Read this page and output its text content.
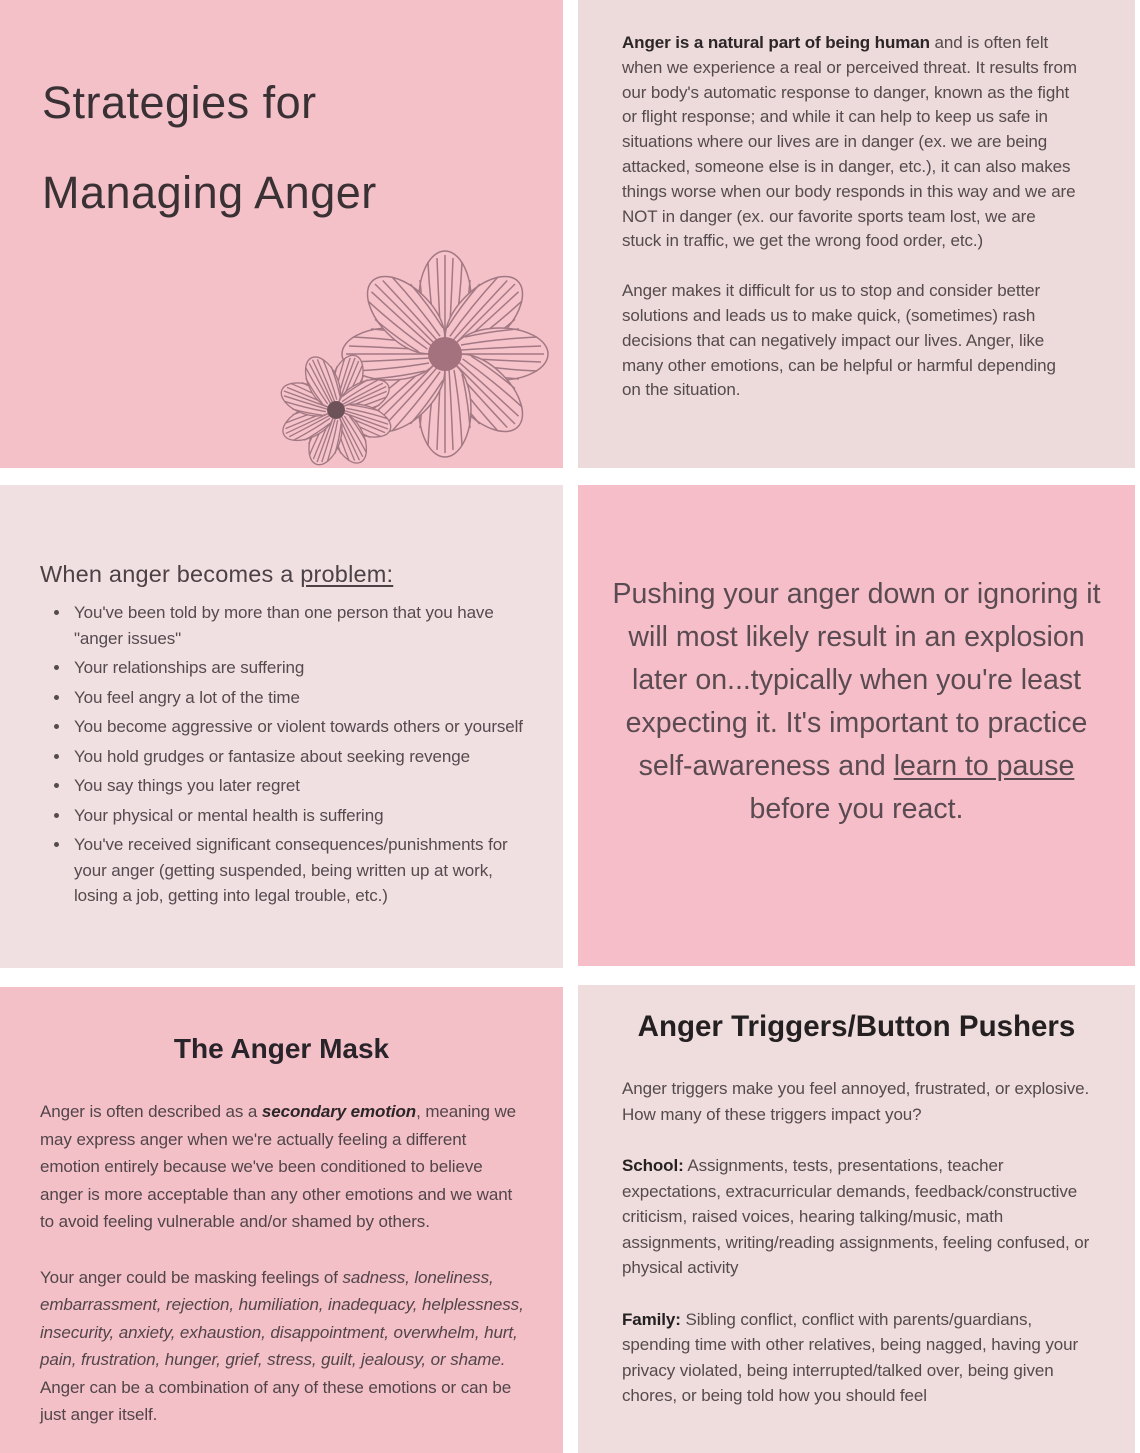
Strategies for Managing Anger

Anger is a natural part of being human and is often felt when we experience a real or perceived threat. It results from our body's automatic response to danger, known as the fight or flight response; and while it can help to keep us safe in situations where our lives are in danger (ex. we are being attacked, someone else is in danger, etc.), it can also makes things worse when our body responds in this way and we are NOT in danger (ex. our favorite sports team lost, we are stuck in traffic, we get the wrong food order, etc.)

Anger makes it difficult for us to stop and consider better solutions and leads us to make quick, (sometimes) rash decisions that can negatively impact our lives. Anger, like many other emotions, can be helpful or harmful depending on the situation.

When anger becomes a problem:
• You've been told by more than one person that you have "anger issues"
• Your relationships are suffering
• You feel angry a lot of the time
• You become aggressive or violent towards others or yourself
• You hold grudges or fantasize about seeking revenge
• You say things you later regret
• Your physical or mental health is suffering
• You've received significant consequences/punishments for your anger (getting suspended, being written up at work, losing a job, getting into legal trouble, etc.)

Pushing your anger down or ignoring it will most likely result in an explosion later on...typically when you're least expecting it. It's important to practice self-awareness and learn to pause before you react.

The Anger Mask

Anger is often described as a secondary emotion, meaning we may express anger when we're actually feeling a different emotion entirely because we've been conditioned to believe anger is more acceptable than any other emotions and we want to avoid feeling vulnerable and/or shamed by others.

Your anger could be masking feelings of sadness, loneliness, embarrassment, rejection, humiliation, inadequacy, helplessness, insecurity, anxiety, exhaustion, disappointment, overwhelm, hurt, pain, frustration, hunger, grief, stress, guilt, jealousy, or shame. Anger can be a combination of any of these emotions or can be just anger itself.

Anger Triggers/Button Pushers

Anger triggers make you feel annoyed, frustrated, or explosive. How many of these triggers impact you?

School: Assignments, tests, presentations, teacher expectations, extracurricular demands, feedback/constructive criticism, raised voices, hearing talking/music, math assignments, writing/reading assignments, feeling confused, or physical activity

Family: Sibling conflict, conflict with parents/guardians, spending time with other relatives, being nagged, having your privacy violated, being interrupted/talked over, being given chores, or being told how you should feel
